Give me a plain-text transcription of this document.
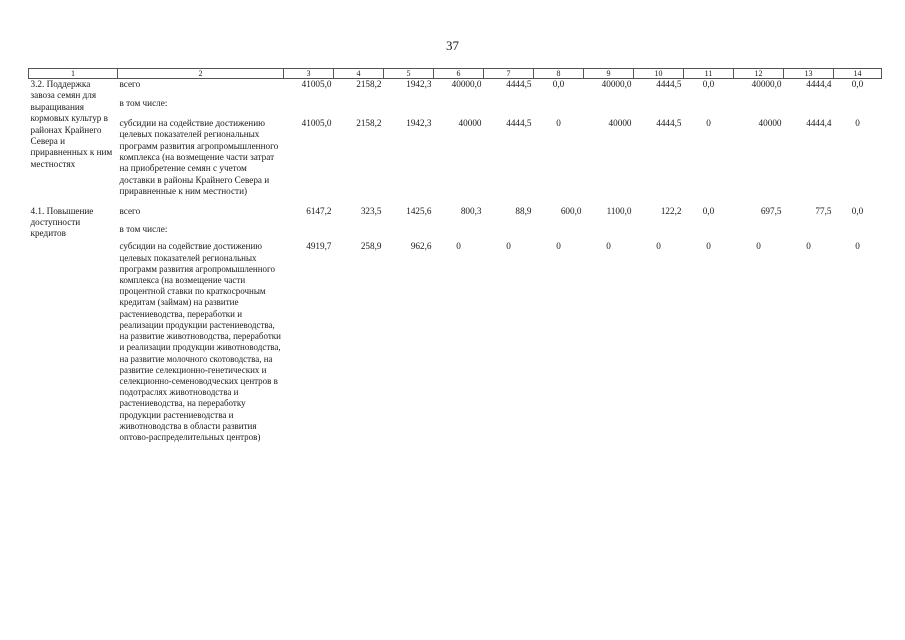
37
1	2	3	4	5	6	7	8	9	10	11	12	13	14
3.2. Поддержка завоза семян для выращивания кормовых культур в районах Крайнего Севера и приравненных к ним местностях	всего	41005,0	2158,2	1942,3	40000,0	4444,5	0,0	40000,0	4444,5	0,0	40000,0	4444,4	0,0
	в том числе:												
	субсидии на содействие достижению целевых показателей региональных программ развития агропромышленного комплекса (на возмещение части затрат на приобретение семян с учетом доставки в районы Крайнего Севера и приравненные к ним местности)	41005,0	2158,2	1942,3	40000	4444,5	0	40000	4444,5	0	40000	4444,4	0
4.1. Повышение доступности кредитов	всего	6147,2	323,5	1425,6	800,3	88,9	600,0	1100,0	122,2	0,0	697,5	77,5	0,0
	в том числе:												
	субсидии на содействие достижению целевых показателей региональных программ развития агропромышленного комплекса (на возмещение части процентной ставки по краткосрочным кредитам (займам) на развитие растениеводства, переработки и реализации продукции растениеводства, на развитие животноводства, переработки и реализации продукции животноводства, на развитие молочного скотоводства, на развитие селекционно-генетических и селекционно-семеноводческих центров в подотраслях животноводства и растениеводства, на переработку продукции растениеводства и животноводства в области развития оптово-распределительных центров)	4919,7	258,9	962,6	0	0	0	0	0	0	0	0	0
